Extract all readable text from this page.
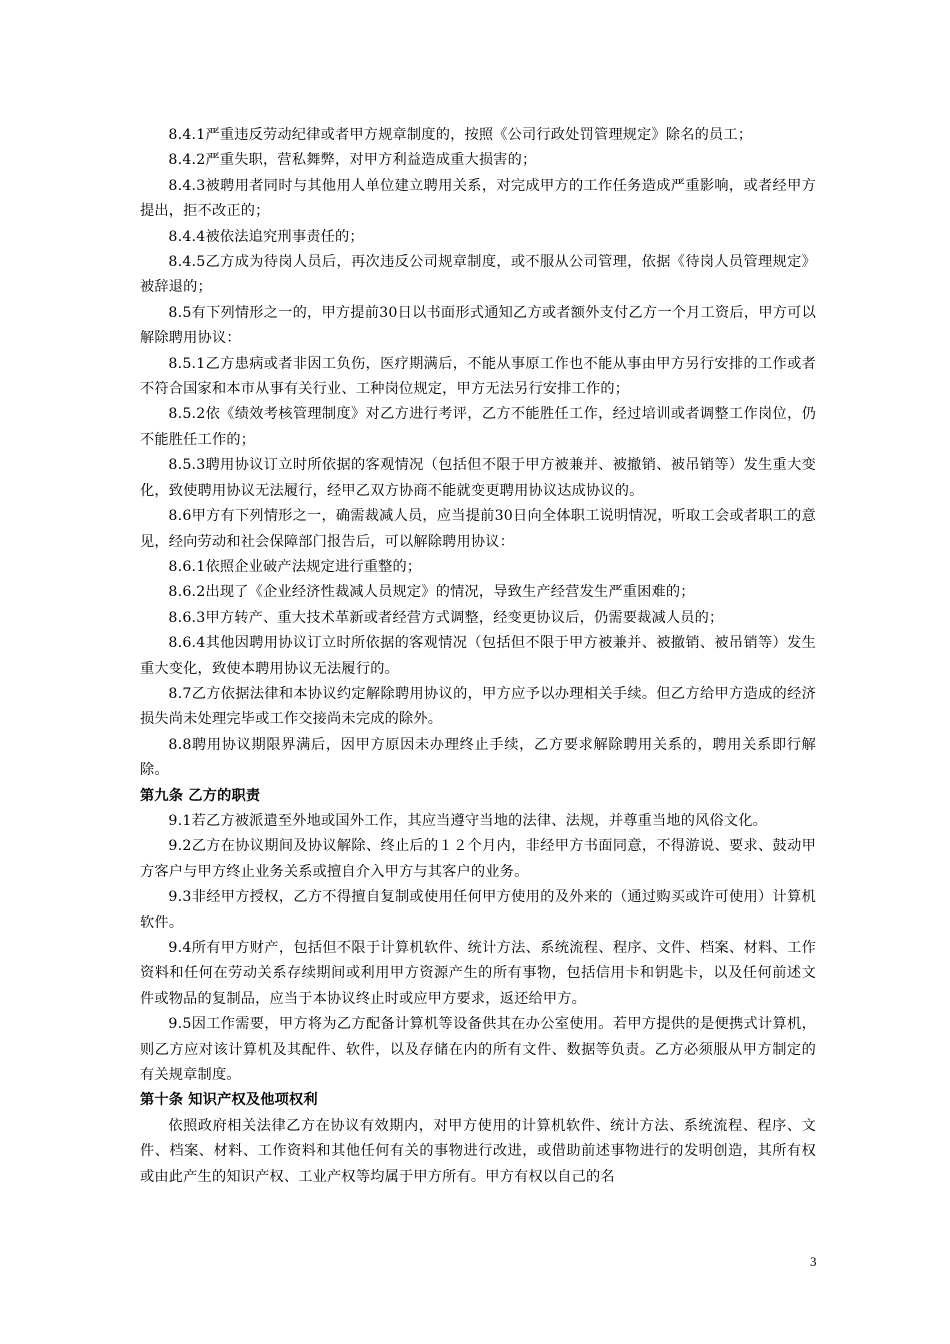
8.4.1严重违反劳动纪律或者甲方规章制度的，按照《公司行政处罚管理规定》除名的员工；

8.4.2严重失职，营私舞弊，对甲方利益造成重大损害的；

8.4.3被聘用者同时与其他用人单位建立聘用关系，对完成甲方的工作任务造成严重影响，或者经甲方提出，拒不改正的；

8.4.4被依法追究刑事责任的；

8.4.5乙方成为待岗人员后，再次违反公司规章制度，或不服从公司管理，依据《待岗人员管理规定》被辞退的；

8.5有下列情形之一的，甲方提前30日以书面形式通知乙方或者额外支付乙方一个月工资后，甲方可以解除聘用协议：

8.5.1乙方患病或者非因工负伤，医疗期满后，不能从事原工作也不能从事由甲方另行安排的工作或者不符合国家和本市从事有关行业、工种岗位规定，甲方无法另行安排工作的；

8.5.2依《绩效考核管理制度》对乙方进行考评，乙方不能胜任工作，经过培训或者调整工作岗位，仍不能胜任工作的；

8.5.3聘用协议订立时所依据的客观情况（包括但不限于甲方被兼并、被撤销、被吊销等）发生重大变化，致使聘用协议无法履行，经甲乙双方协商不能就变更聘用协议达成协议的。

8.6甲方有下列情形之一，确需裁减人员，应当提前30日向全体职工说明情况，听取工会或者职工的意见，经向劳动和社会保障部门报告后，可以解除聘用协议：

8.6.1依照企业破产法规定进行重整的；

8.6.2出现了《企业经济性裁减人员规定》的情况，导致生产经营发生严重困难的；

8.6.3甲方转产、重大技术革新或者经营方式调整，经变更协议后，仍需要裁减人员的；

8.6.4其他因聘用协议订立时所依据的客观情况（包括但不限于甲方被兼并、被撤销、被吊销等）发生重大变化，致使本聘用协议无法履行的。

8.7乙方依据法律和本协议约定解除聘用协议的，甲方应予以办理相关手续。但乙方给甲方造成的经济损失尚未处理完毕或工作交接尚未完成的除外。

8.8聘用协议期限界满后，因甲方原因未办理终止手续，乙方要求解除聘用关系的，聘用关系即行解除。

第九条 乙方的职责

9.1若乙方被派遣至外地或国外工作，其应当遵守当地的法律、法规，并尊重当地的风俗文化。

9.2乙方在协议期间及协议解除、终止后的１２个月内，非经甲方书面同意，不得游说、要求、鼓动甲方客户与甲方终止业务关系或擅自介入甲方与其客户的业务。

9.3非经甲方授权，乙方不得擅自复制或使用任何甲方使用的及外来的（通过购买或许可使用）计算机软件。

9.4所有甲方财产，包括但不限于计算机软件、统计方法、系统流程、程序、文件、档案、材料、工作资料和任何在劳动关系存续期间或利用甲方资源产生的所有事物，包括信用卡和钥匙卡，以及任何前述文件或物品的复制品，应当于本协议终止时或应甲方要求，返还给甲方。

9.5因工作需要，甲方将为乙方配备计算机等设备供其在办公室使用。若甲方提供的是便携式计算机，则乙方应对该计算机及其配件、软件，以及存储在内的所有文件、数据等负责。乙方必须服从甲方制定的有关规章制度。

第十条 知识产权及他项权利

依照政府相关法律乙方在协议有效期内，对甲方使用的计算机软件、统计方法、系统流程、程序、文件、档案、材料、工作资料和其他任何有关的事物进行改进，或借助前述事物进行的发明创造，其所有权或由此产生的知识产权、工业产权等均属于甲方所有。甲方有权以自己的名

3
